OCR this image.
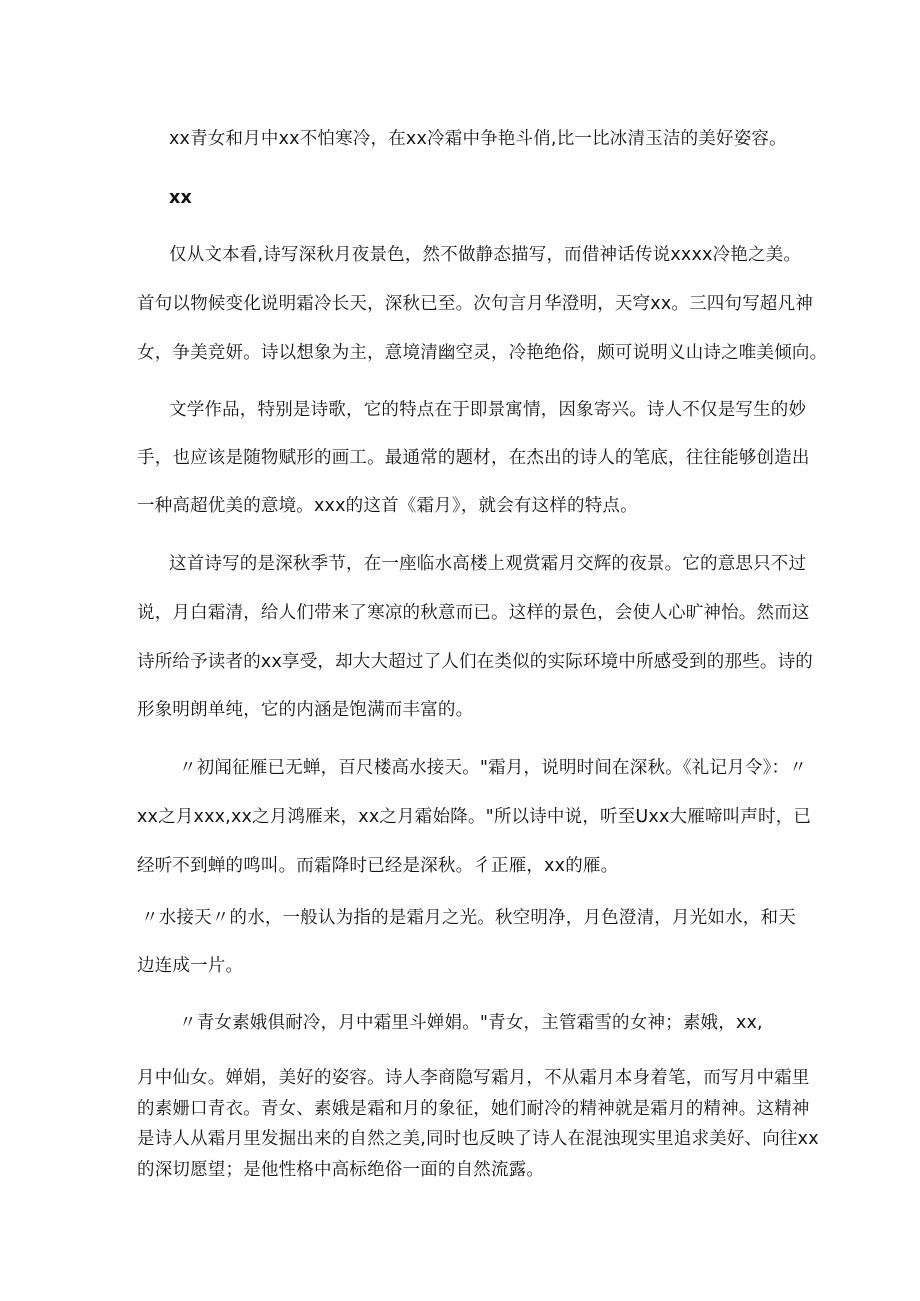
xx青女和月中xx不怕寒冷，在xx冷霜中争艳斗俏,比一比冰清玉洁的美好姿容。

xx

仅从文本看,诗写深秋月夜景色，然不做静态描写，而借神话传说xxxx冷艳之美。

首句以物候变化说明霜冷长天，深秋已至。次句言月华澄明，天穹xx。三四句写超凡神

女，争美竞妍。诗以想象为主，意境清幽空灵，冷艳绝俗，颇可说明义山诗之唯美倾向。

文学作品，特别是诗歌，它的特点在于即景寓情，因象寄兴。诗人不仅是写生的妙

手，也应该是随物赋形的画工。最通常的题材，在杰出的诗人的笔底，往往能够创造出

一种高超优美的意境。xxx的这首《霜月》，就会有这样的特点。

这首诗写的是深秋季节，在一座临水高楼上观赏霜月交辉的夜景。它的意思只不过

说，月白霜清，给人们带来了寒凉的秋意而已。这样的景色，会使人心旷神怡。然而这

诗所给予读者的xx享受，却大大超过了人们在类似的实际环境中所感受到的那些。诗的

形象明朗单纯，它的内涵是饱满而丰富的。

〃初闻征雁已无蝉，百尺楼高水接天。"霜月，说明时间在深秋。《礼记月令》：〃

xx之月xxx,xx之月鸿雁来，xx之月霜始降。"所以诗中说，听至Uxx大雁啼叫声时，已

经听不到蝉的鸣叫。而霜降时已经是深秋。彳正雁，xx的雁。

〃水接天〃的水，一般认为指的是霜月之光。秋空明净，月色澄清，月光如水，和天

边连成一片。

〃青女素娥俱耐冷，月中霜里斗婵娟。"青女，主管霜雪的女神；素娥，xx,

月中仙女。婵娟，美好的姿容。诗人李商隐写霜月，不从霜月本身着笔，而写月中霜里

的素姗口青衣。青女、素娥是霜和月的象征，她们耐冷的精神就是霜月的精神。这精神

是诗人从霜月里发掘出来的自然之美,同时也反映了诗人在混浊现实里追求美好、向往xx

的深切愿望；是他性格中高标绝俗一面的自然流露。
